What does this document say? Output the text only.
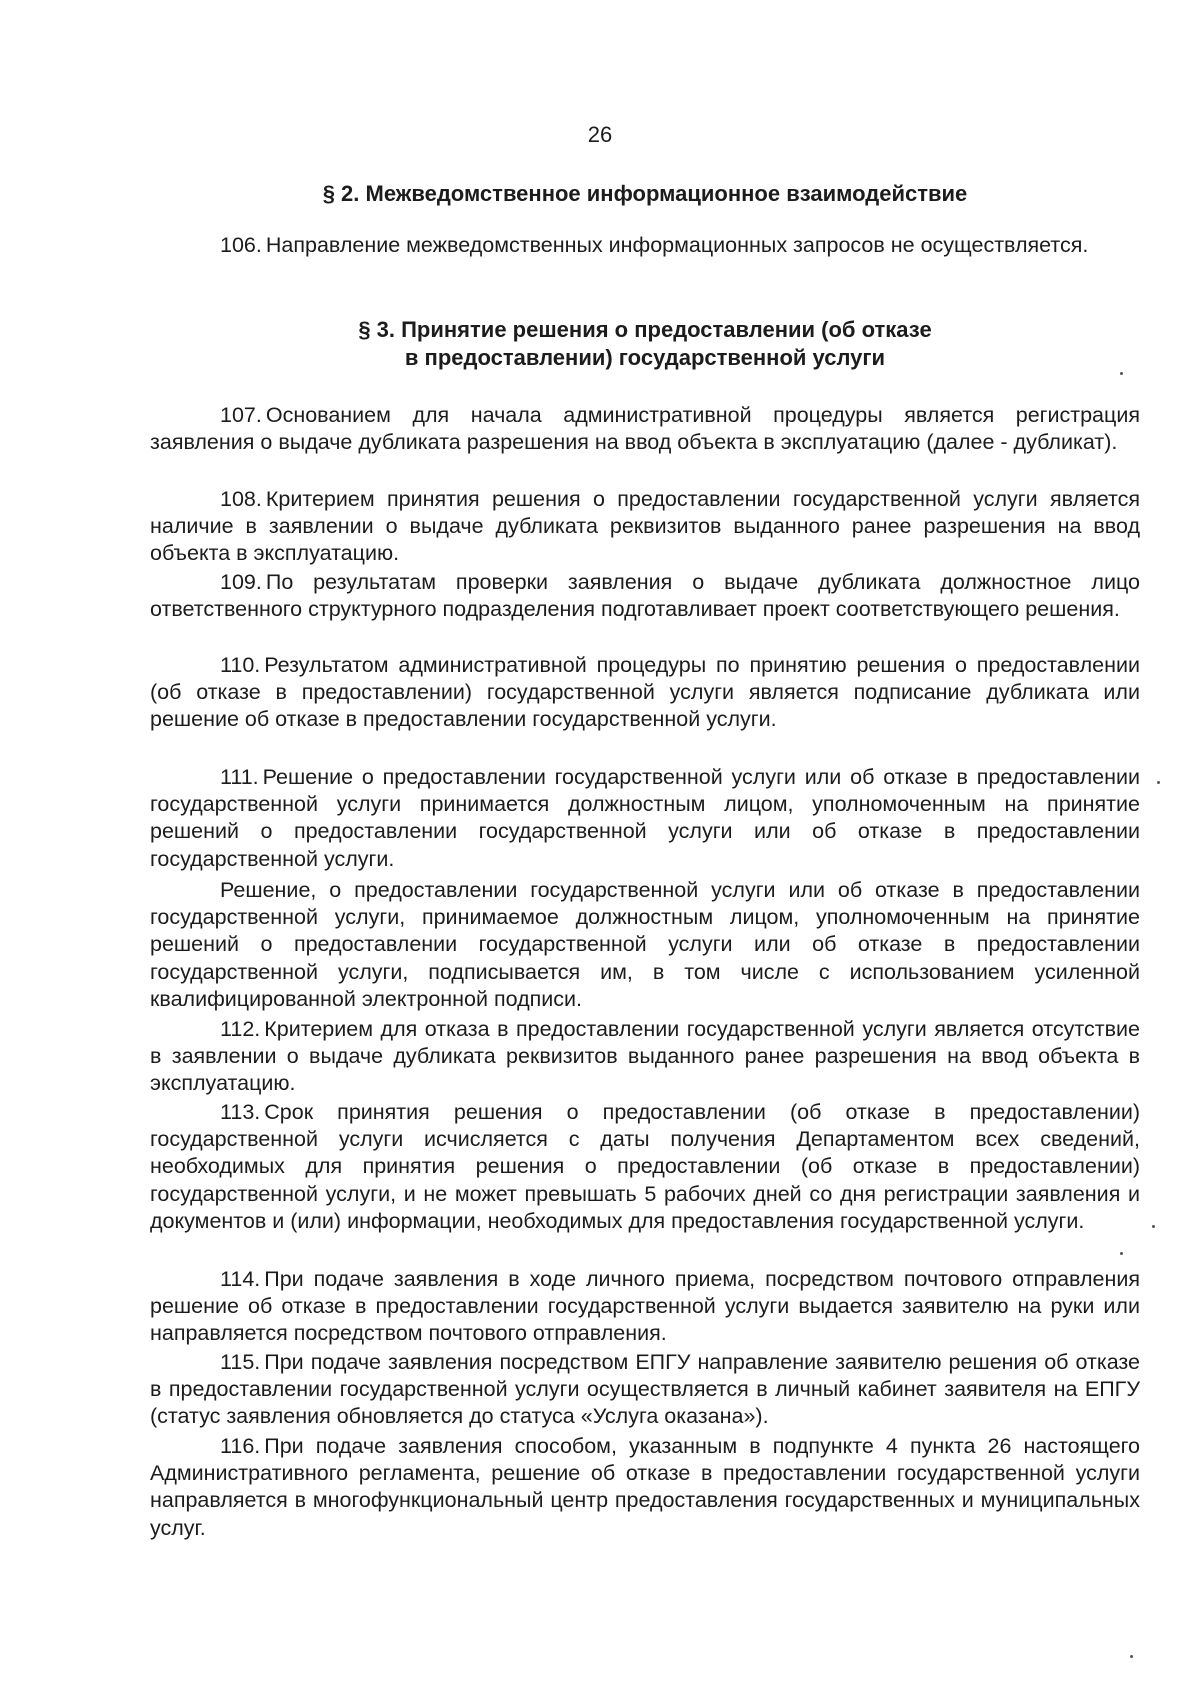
26
§ 2. Межведомственное информационное взаимодействие

106. Направление межведомственных информационных запросов не осуществляется.

§ 3. Принятие решения о предоставлении (об отказе
в предоставлении) государственной услуги

107. Основанием для начала административной процедуры является регистрация заявления о выдаче дубликата разрешения на ввод объекта в эксплуатацию (далее - дубликат).

108. Критерием принятия решения о предоставлении государственной услуги является наличие в заявлении о выдаче дубликата реквизитов выданного ранее разрешения на ввод объекта в эксплуатацию.

109. По результатам проверки заявления о выдаче дубликата должностное лицо ответственного структурного подразделения подготавливает проект соответствующего решения.

110. Результатом административной процедуры по принятию решения о предоставлении (об отказе в предоставлении) государственной услуги является подписание дубликата или решение об отказе в предоставлении государственной услуги.

111. Решение о предоставлении государственной услуги или об отказе в предоставлении государственной услуги принимается должностным лицом, уполномоченным на принятие решений о предоставлении государственной услуги или об отказе в предоставлении государственной услуги.

Решение, о предоставлении государственной услуги или об отказе в предоставлении государственной услуги, принимаемое должностным лицом, уполномоченным на принятие решений о предоставлении государственной услуги или об отказе в предоставлении государственной услуги, подписывается им, в том числе с использованием усиленной квалифицированной электронной подписи.

112. Критерием для отказа в предоставлении государственной услуги является отсутствие в заявлении о выдаче дубликата реквизитов выданного ранее разрешения на ввод объекта в эксплуатацию.

113. Срок принятия решения о предоставлении (об отказе в предоставлении) государственной услуги исчисляется с даты получения Департаментом всех сведений, необходимых для принятия решения о предоставлении (об отказе в предоставлении) государственной услуги, и не может превышать 5 рабочих дней со дня регистрации заявления и документов и (или) информации, необходимых для предоставления государственной услуги.

114. При подаче заявления в ходе личного приема, посредством почтового отправления решение об отказе в предоставлении государственной услуги выдается заявителю на руки или направляется посредством почтового отправления.

115. При подаче заявления посредством ЕПГУ направление заявителю решения об отказе в предоставлении государственной услуги осуществляется в личный кабинет заявителя на ЕПГУ (статус заявления обновляется до статуса «Услуга оказана»).

116. При подаче заявления способом, указанным в подпункте 4 пункта 26 настоящего Административного регламента, решение об отказе в предоставлении государственной услуги направляется в многофункциональный центр предоставления государственных и муниципальных услуг.
